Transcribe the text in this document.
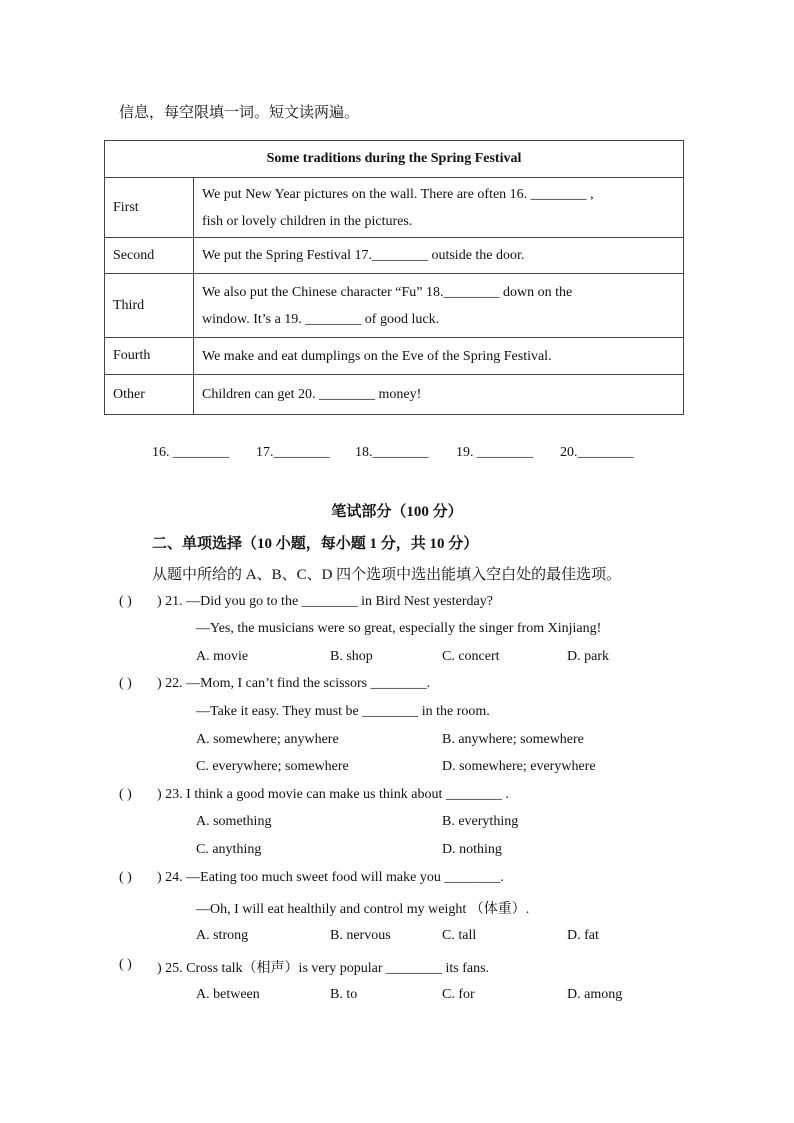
信息，每空限填一词。短文读两遍。
Some traditions during the Spring Festival	
First	We put New Year pictures on the wall. There are often 16. ________ ,
fish or lovely children in the pictures.

Second	We put the Spring Festival 17.________ outside the door.

Third	We also put the Chinese character “Fu” 18.________ down on the
window. It’s a 19. ________ of good luck.

Fourth	We make and eat dumplings on the Eve of the Spring Festival.

Other	Children can get 20. ________ money!
16. ________ 17.________ 18.________ 19. ________ 20.________
笔试部分（100 分）
二、单项选择（10 小题，每小题 1 分，共 10 分）
从题中所给的 A、B、C、D 四个选项中选出能填入空白处的最佳选项。
( ) ) 21. —Did you go to the ________ in Bird Nest yesterday?
—Yes, the musicians were so great, especially the singer from Xinjiang!
A. movie	B. shop	C. concert	D. park
( ) ) 22. —Mom, I can’t find the scissors ________.
—Take it easy. They must be ________ in the room.
A. somewhere; anywhere	B. anywhere; somewhere
C. everywhere; somewhere	D. somewhere; everywhere
( ) ) 23. I think a good movie can make us think about ________ .
A. something	B. everything
C. anything	D. nothing
( ) ) 24. —Eating too much sweet food will make you ________.
—Oh, I will eat healthily and control my weight （体重）.
A. strong	B. nervous	C. tall	D. fat
( ) ) 25. Cross talk（相声）is very popular ________ its fans.
A. between	B. to	C. for	D. among
